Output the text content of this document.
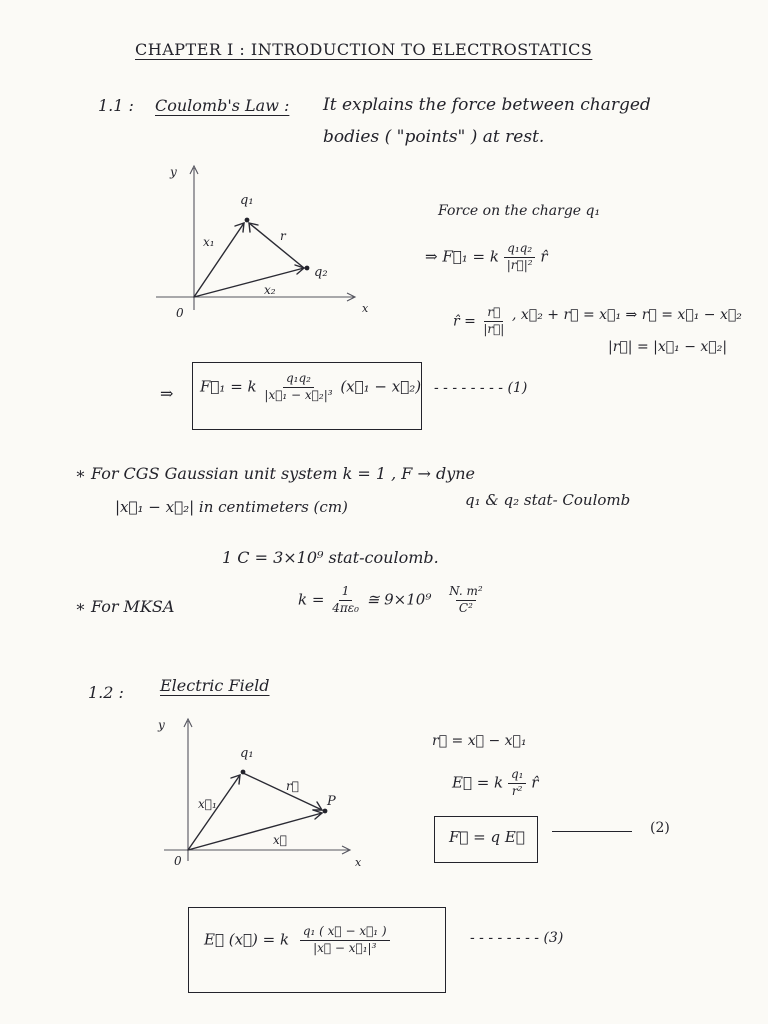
CHAPTER I : INTRODUCTION TO ELECTROSTATICS
1.1 : Coulomb's Law : It explains the force between charged
bodies ( "points" ) at rest.
y
x
0
q₁
q₂
x₁
x₂
r
Force on the charge q₁
⇒ F⃗₁ = k $\frac{\text{q₁q₂}}{\text{|r⃗|²}}$ r̂
r̂ = $\frac{r⃗}{|r⃗|}$ , x⃗₂ + r⃗ = x⃗₁ ⇒ r⃗ = x⃗₁ − x⃗₂
|r⃗| = |x⃗₁ − x⃗₂|
⇒ F⃗₁ = k $\frac{\text{q₁q₂}}{\text{|x⃗₁ − x⃗₂|³}}$ (x⃗₁ − x⃗₂) - - - - - - - - (1)
∗ For CGS Gaussian unit system k = 1 , F → dyne
|x⃗₁ − x⃗₂| in centimeters (cm)	q₁ & q₂ stat- Coulomb
1 C = 3×10⁹ stat-coulomb.
∗ For MKSA	$k = \frac{1}{\text{4πε₀}}$ ≅ $9\times 10^9 \frac{\text{N. m²}}{\text{C²}}$
1.2 : Electric Field
y
x
0
q₁
P
x⃗₁
x⃗
r⃗
r⃗ = x⃗ − x⃗₁
E⃗ = k $\frac{\text{q₁}}{\text{r²}}$ r̂
F⃗ = q E⃗	(2)
E⃗ (x⃗) = k $\frac{\text{q₁ ( x⃗ − x⃗₁ )}}{\text{|x⃗ − x⃗₁|³}}$	- - - - - - - - (3)
